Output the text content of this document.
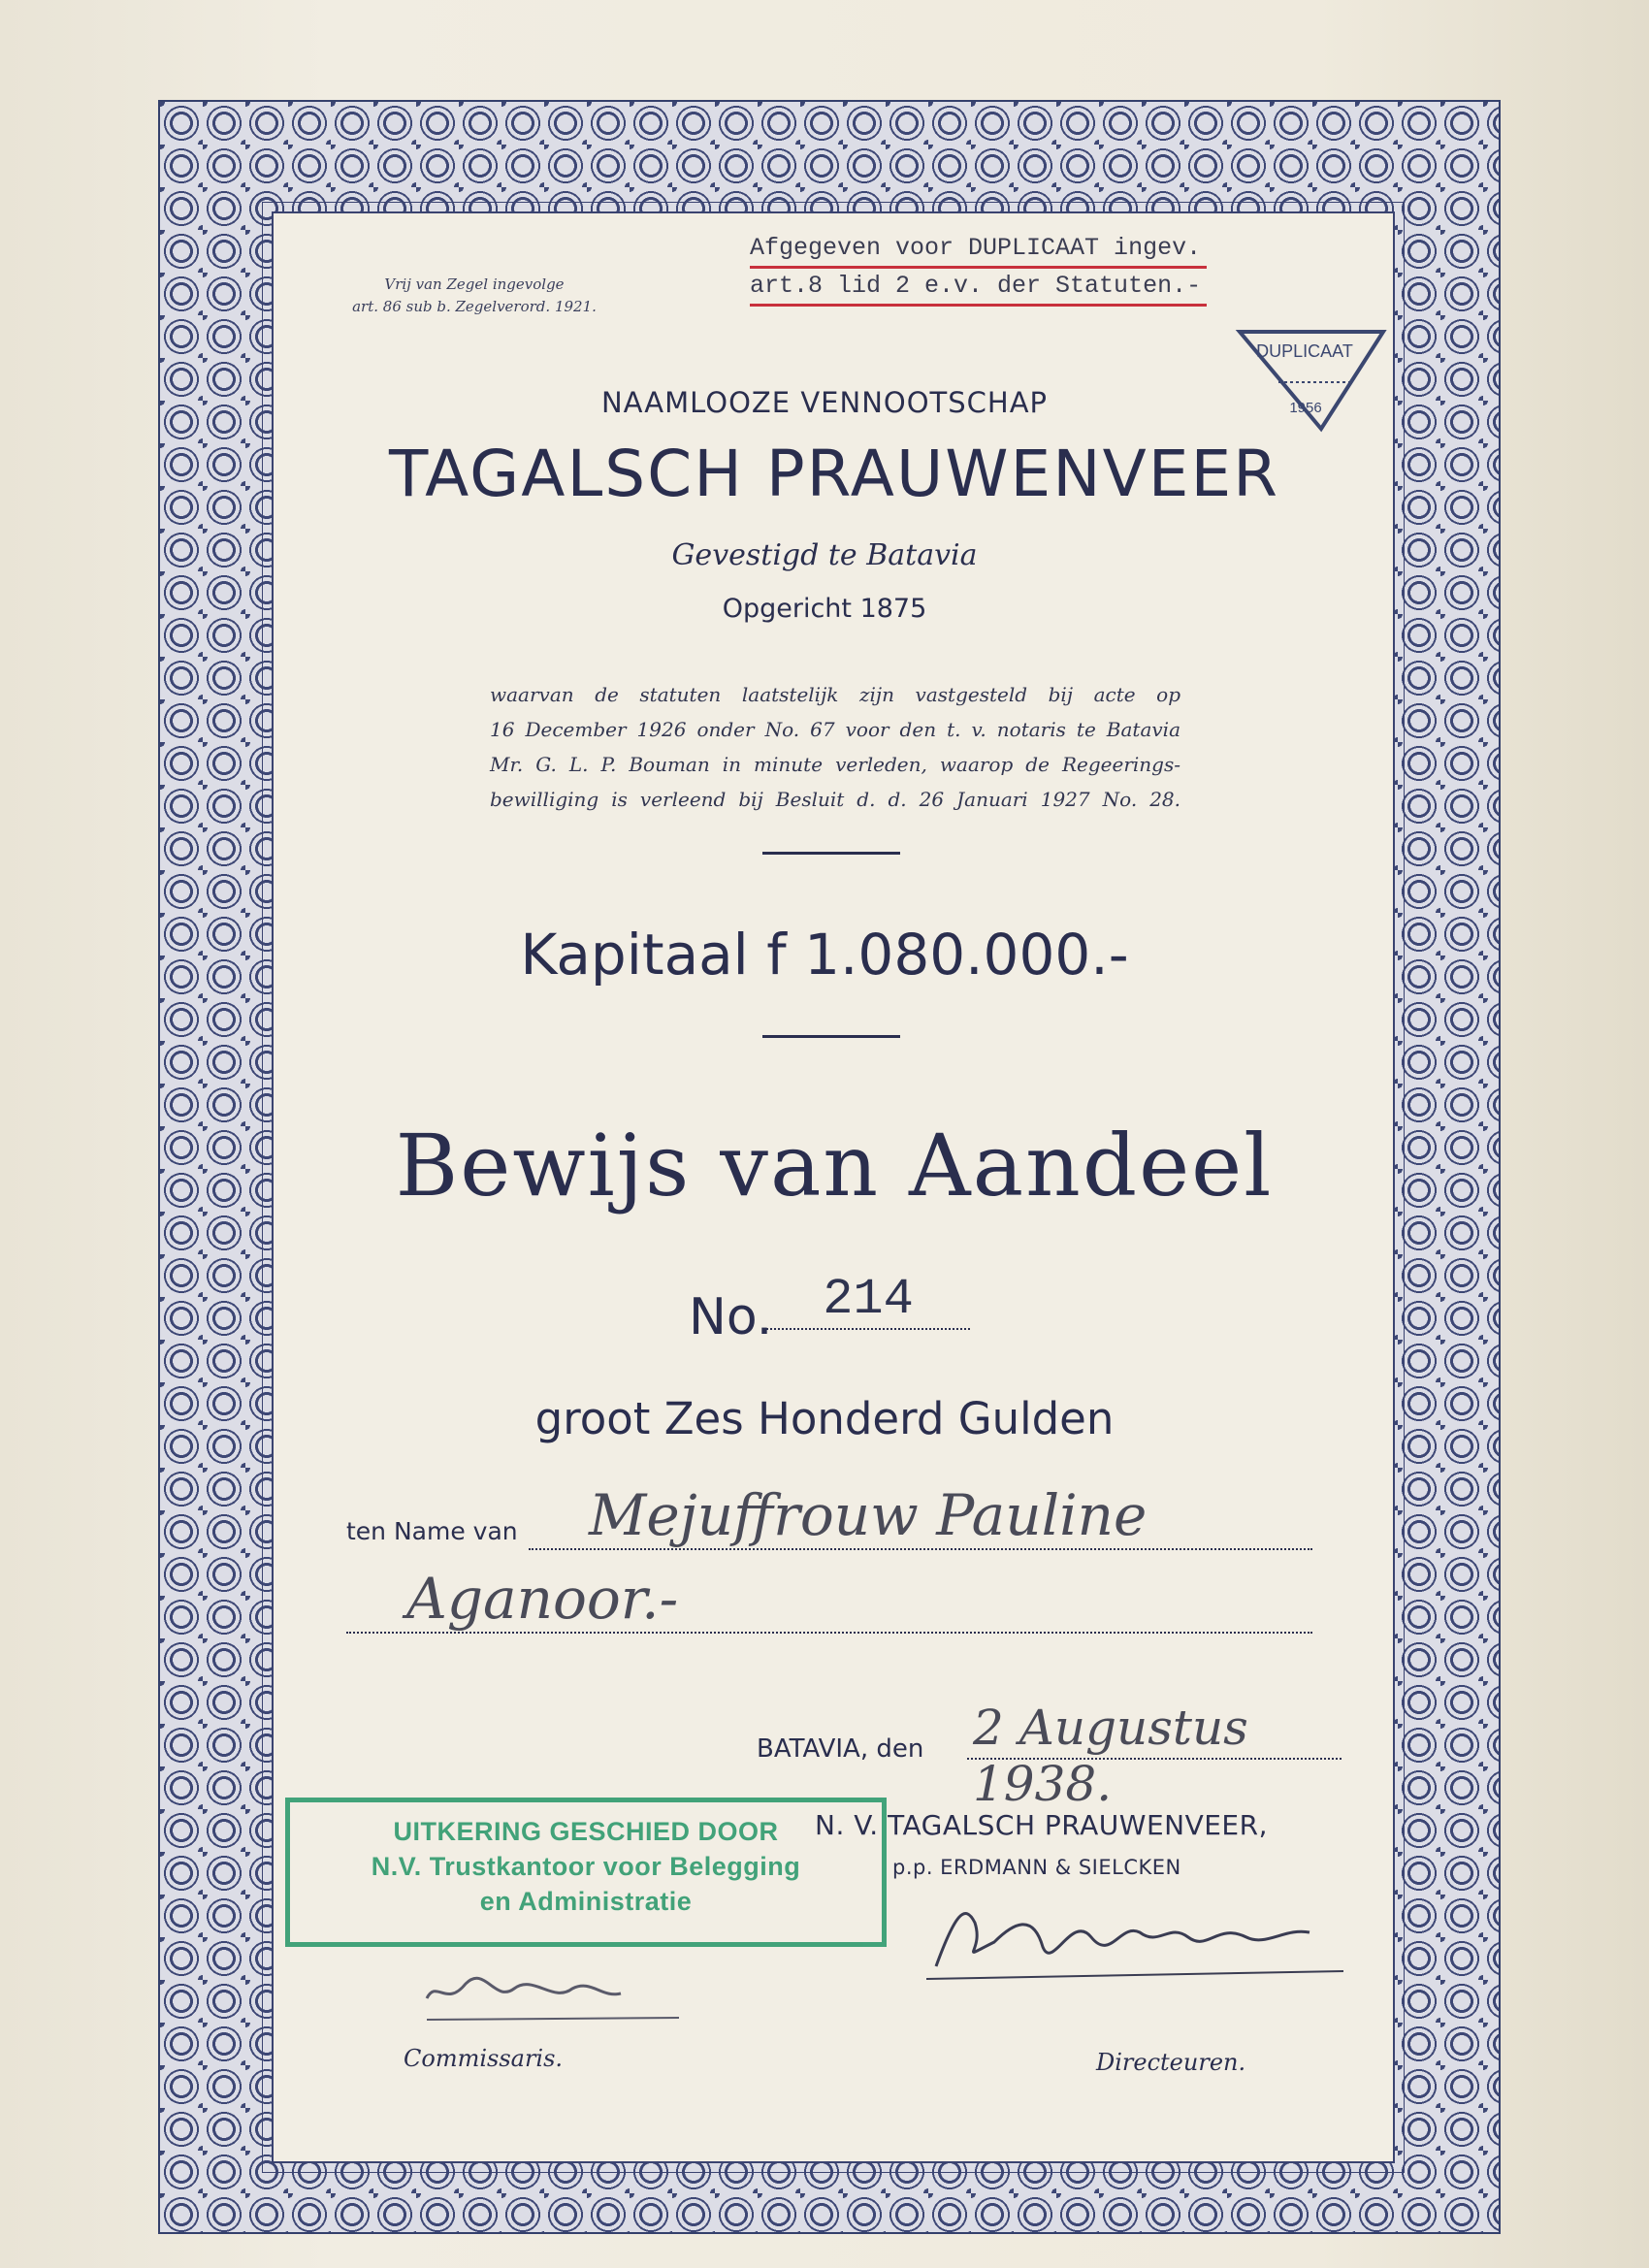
Vrij van Zegel ingevolge
art. 86 sub b. Zegelverord. 1921.
Afgegeven voor DUPLICAAT ingev.
art.8 lid 2 e.v. der Statuten.-
DUPLICAAT
1956
NAAMLOOZE VENNOOTSCHAP
TAGALSCH PRAUWENVEER
Gevestigd te Batavia
Opgericht 1875
waarvan de statuten laatstelijk zijn vastgesteld bij acte op
16 December 1926 onder No. 67 voor den t. v. notaris te Batavia
Mr. G. L. P. Bouman in minute verleden, waarop de Regeerings-
bewilliging is verleend bij Besluit d. d. 26 Januari 1927 No. 28.
Kapitaal f 1.080.000.-
Bewijs van Aandeel
No. 214
groot Zes Honderd Gulden
ten Name van	Mejuffrouw Pauline
Aganoor.-
BATAVIA, den 2 Augustus 1938.
N. V. TAGALSCH PRAUWENVEER,
p.p. ERDMANN & SIELCKEN
UITKERING GESCHIED DOOR
N.V. Trustkantoor voor Belegging
en Administratie
Commissaris.	Directeuren.
